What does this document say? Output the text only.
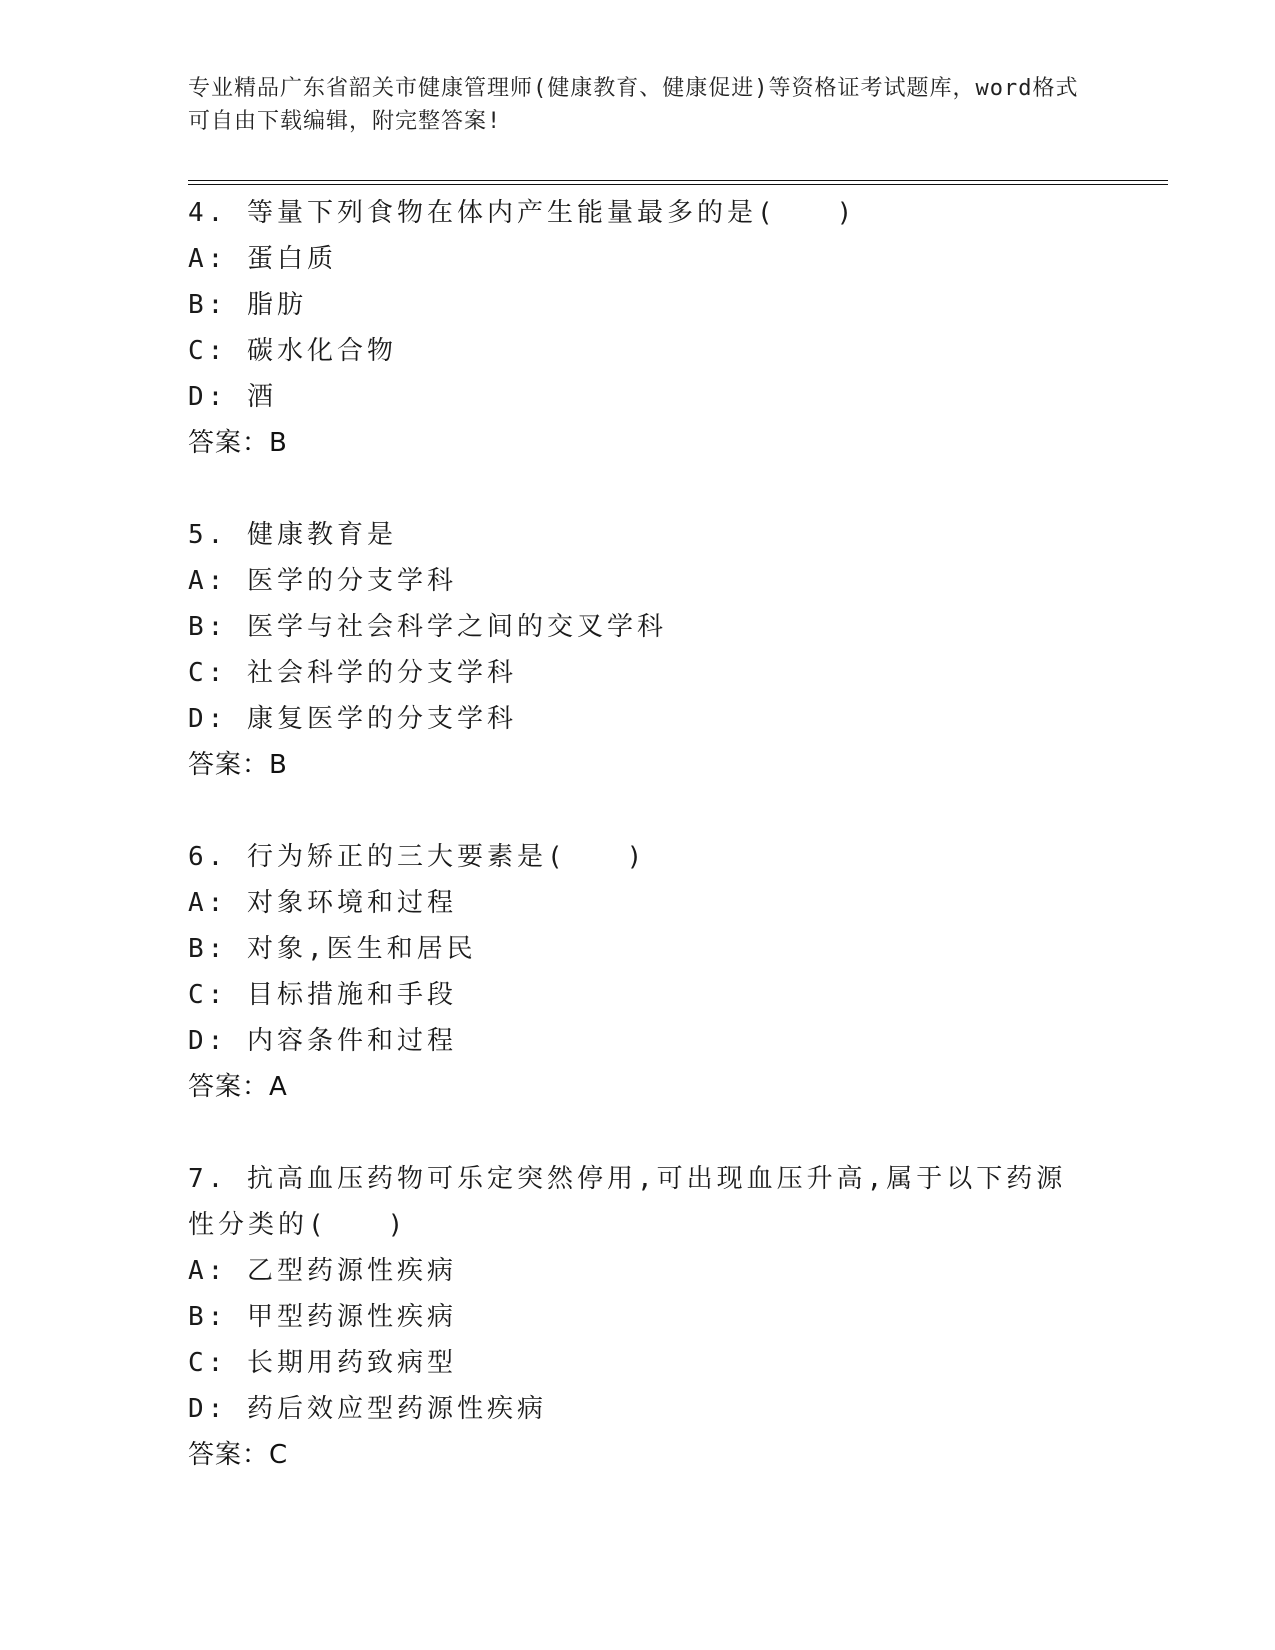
专业精品广东省韶关市健康管理师(健康教育、健康促进)等资格证考试题库，word格式可自由下载编辑，附完整答案!
4. 等量下列食物在体内产生能量最多的是(　　)
A: 蛋白质
B: 脂肪
C: 碳水化合物
D: 酒
答案：B
5. 健康教育是
A: 医学的分支学科
B: 医学与社会科学之间的交叉学科
C: 社会科学的分支学科
D: 康复医学的分支学科
答案：B
6. 行为矫正的三大要素是(　　)
A: 对象环境和过程
B: 对象,医生和居民
C: 目标措施和手段
D: 内容条件和过程
答案：A
7. 抗高血压药物可乐定突然停用,可出现血压升高,属于以下药源性分类的(　　)
A: 乙型药源性疾病
B: 甲型药源性疾病
C: 长期用药致病型
D: 药后效应型药源性疾病
答案：C
